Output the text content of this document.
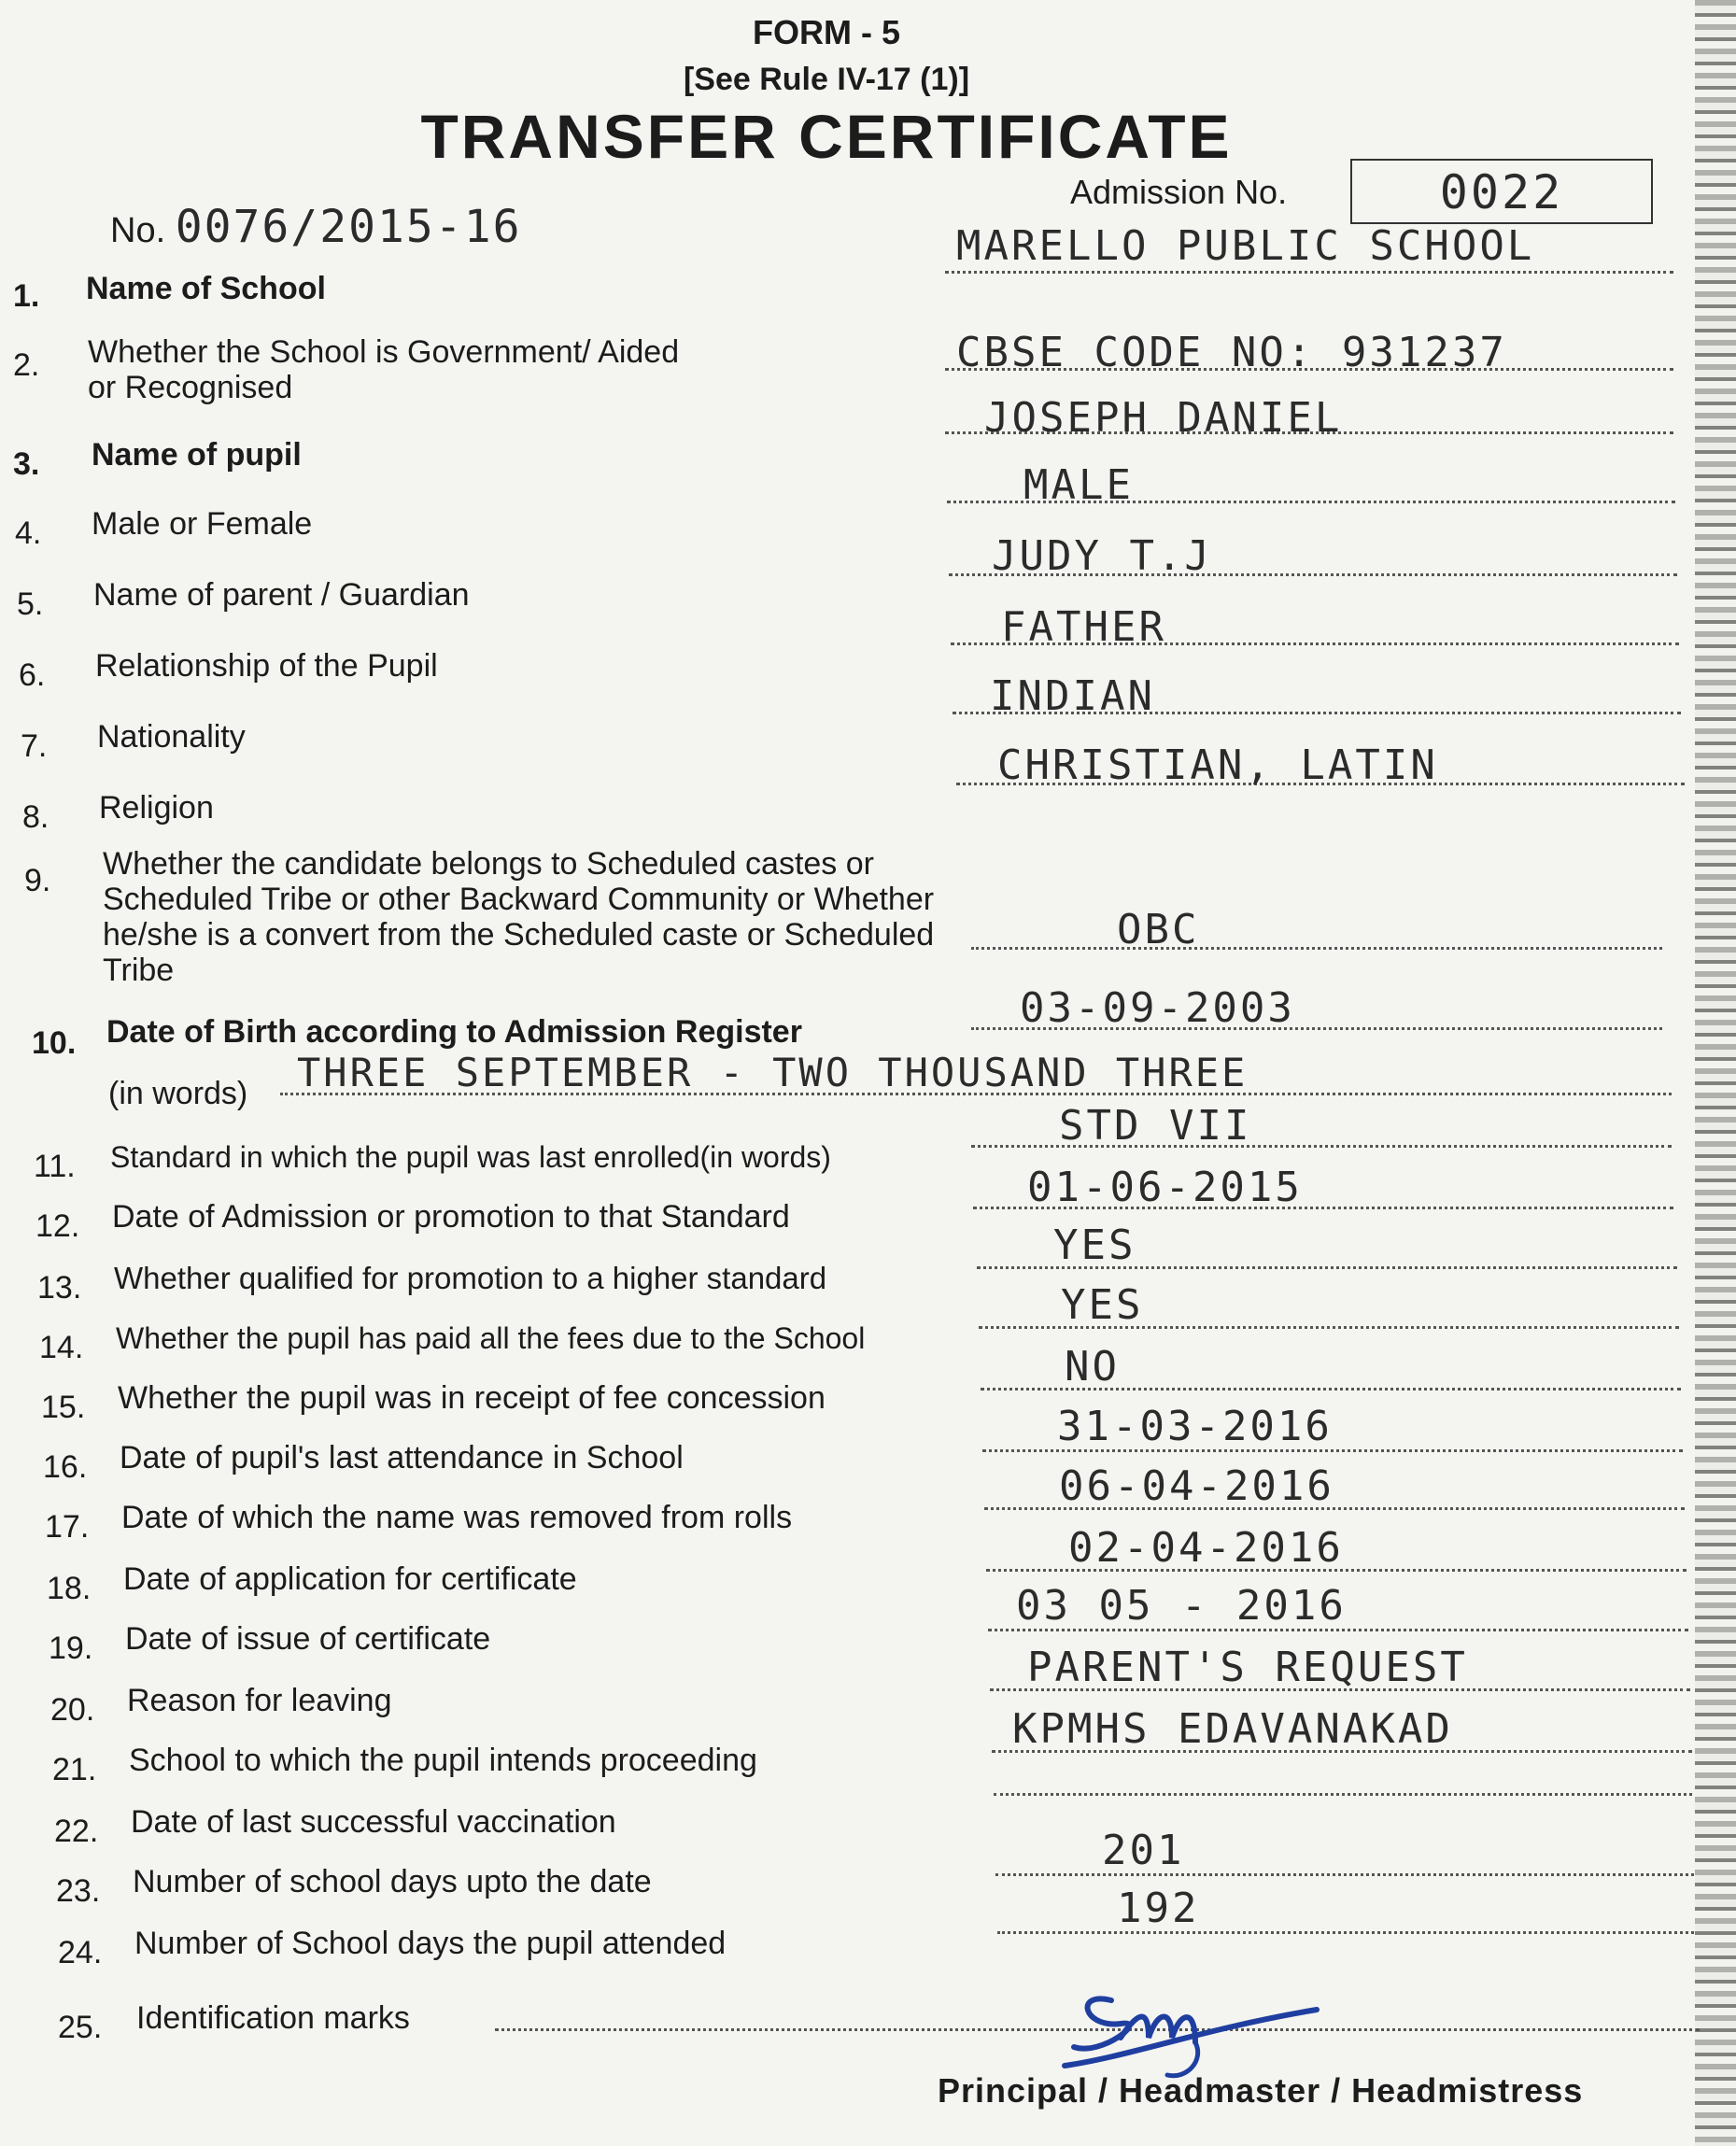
FORM - 5
[See Rule IV-17 (1)]
TRANSFER CERTIFICATE
No. 0076/2015-16
Admission No.	0022
1. Name of School
MARELLO PUBLIC SCHOOL
2. Whether the School is Government/ Aided or Recognised
CBSE CODE NO: 931237
3. Name of pupil
JOSEPH DANIEL
4. Male or Female
MALE
5. Name of parent / Guardian
JUDY T.J
6. Relationship of the Pupil
FATHER
7. Nationality
INDIAN
8. Religion
CHRISTIAN, LATIN
9. Whether the candidate belongs to Scheduled castes or Scheduled Tribe or other Backward Community or Whether he/she is a convert from the Scheduled caste or Scheduled Tribe
OBC
10. Date of Birth according to Admission Register	03-09-2003
(in words) THREE SEPTEMBER - TWO THOUSAND THREE
11. Standard in which the pupil was last enrolled(in words)
STD VII
12. Date of Admission or promotion to that Standard
01-06-2015
13. Whether qualified for promotion to a higher standard
YES
14. Whether the pupil has paid all the fees due to the School
YES
15. Whether the pupil was in receipt of fee concession
NO
16. Date of pupil's last attendance in School
31-03-2016
17. Date of which the name was removed from rolls
06-04-2016
18. Date of application for certificate
02-04-2016
19. Date of issue of certificate
03 05 - 2016
20. Reason for leaving
PARENT'S REQUEST
21. School to which the pupil intends proceeding
KPMHS EDAVANAKAD
22. Date of last successful vaccination
23. Number of school days upto the date
201
24. Number of School days the pupil attended
192
25. Identification marks
Principal / Headmaster / Headmistress
